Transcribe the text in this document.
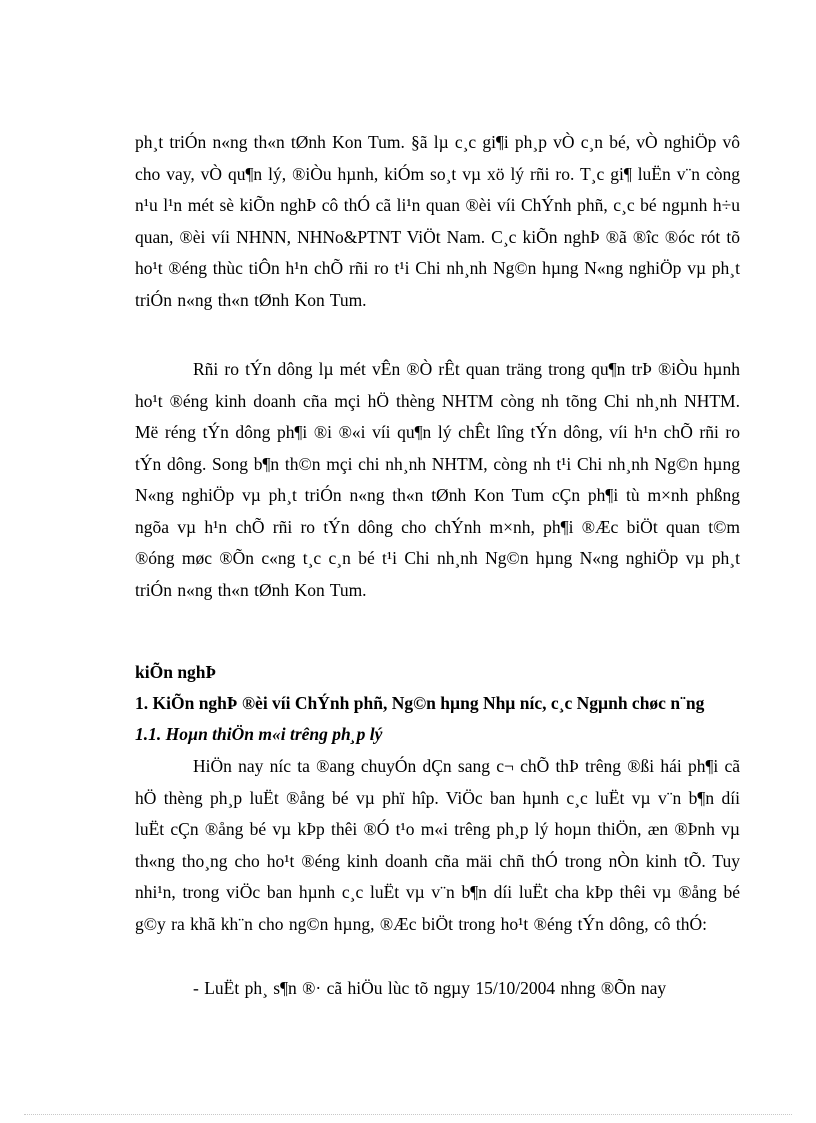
ph¸t triÓn n«ng th«n tØnh Kon Tum. §ã lµ c¸c gi¶i ph¸p vÒ c¸n bé, vÒ nghiÖp vô cho vay, vÒ qu¶n lý, ®iÒu hµnh, kiÓm so¸t vµ xö lý rñi ro. T¸c gi¶ luËn v¨n còng n¹u l¹n mét sè kiÕn nghÞ cô thÓ cã li¹n quan ®èi víi ChÝnh phñ, c¸c bé ngµnh h÷u quan, ®èi víi NHNN, NHNo&PTNT ViÖt Nam. C¸c kiÕn nghÞ ®ã ®îc ®óc rót tõ ho¹t ®éng thùc tiÔn h¹n chÕ rñi ro t¹i Chi nh¸nh Ng©n hµng N«ng nghiÖp vµ ph¸t triÓn n«ng th«n tØnh Kon Tum.
Rñi ro tÝn dông lµ mét vÊn ®Ò rÊt quan träng trong qu¶n trÞ ®iÒu hµnh ho¹t ®éng kinh doanh cña mçi hÖ thèng NHTM còng nh tõng Chi nh¸nh NHTM. Më réng tÝn dông ph¶i ®i ®«i víi qu¶n lý chÊt lîng tÝn dông, víi h¹n chÕ rñi ro tÝn dông. Song b¶n th©n mçi chi nh¸nh NHTM, còng nh t¹i Chi nh¸nh Ng©n hµng N«ng nghiÖp vµ ph¸t triÓn n«ng th«n tØnh Kon Tum cÇn ph¶i tù m×nh phßng ngõa vµ h¹n chÕ rñi ro tÝn dông cho chÝnh m×nh, ph¶i ®Æc biÖt quan t©m ®óng møc ®Õn c«ng t¸c c¸n bé t¹i Chi nh¸nh Ng©n hµng N«ng nghiÖp vµ ph¸t triÓn n«ng th«n tØnh Kon Tum.
kiÕn nghÞ
1. KiÕn nghÞ ®èi víi ChÝnh phñ, Ng©n hµng Nhµ níc, c¸c Ngµnh chøc n¨ng
1.1. Hoµn thiÖn m«i trêng ph¸p lý
HiÖn nay níc ta ®ang chuyÓn dÇn sang c¬ chÕ thÞ trêng ®ßi hái ph¶i cã hÖ thèng ph¸p luËt ®ång bé vµ phï hîp. ViÖc ban hµnh c¸c luËt vµ v¨n b¶n díi luËt cÇn ®ång bé vµ kÞp thêi ®Ó t¹o m«i trêng ph¸p lý hoµn thiÖn, æn ®Þnh vµ th«ng tho¸ng cho ho¹t ®éng kinh doanh cña mäi chñ thÓ trong nÒn kinh tÕ. Tuy nhi¹n, trong viÖc ban hµnh c¸c luËt vµ v¨n b¶n díi luËt cha kÞp thêi vµ ®ång bé g©y ra khã kh¨n cho ng©n hµng, ®Æc biÖt trong ho¹t ®éng tÝn dông, cô thÓ:
- LuËt ph¸ s¶n ®· cã hiÖu lùc tõ ngµy 15/10/2004 nhng ®Õn nay
